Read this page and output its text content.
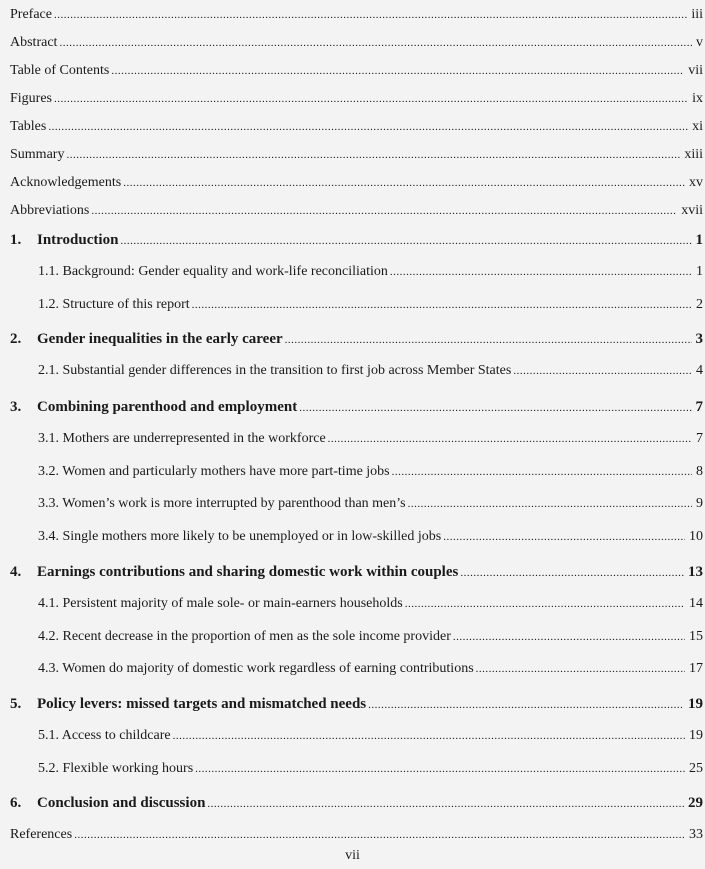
Preface .....	iii
Abstract .....	v
Table of Contents .....	vii
Figures .....	ix
Tables .....	xi
Summary .....	xiii
Acknowledgements .....	xv
Abbreviations .....	xvii
1. Introduction .....	1
1.1. Background: Gender equality and work-life reconciliation .....	1
1.2. Structure of this report .....	2
2. Gender inequalities in the early career .....	3
2.1. Substantial gender differences in the transition to first job across Member States .....	4
3. Combining parenthood and employment .....	7
3.1. Mothers are underrepresented in the workforce .....	7
3.2. Women and particularly mothers have more part-time jobs .....	8
3.3. Women’s work is more interrupted by parenthood than men’s .....	9
3.4. Single mothers more likely to be unemployed or in low-skilled jobs .....	10
4. Earnings contributions and sharing domestic work within couples .....	13
4.1. Persistent majority of male sole- or main-earners households .....	14
4.2. Recent decrease in the proportion of men as the sole income provider .....	15
4.3. Women do majority of domestic work regardless of earning contributions .....	17
5. Policy levers: missed targets and mismatched needs .....	19
5.1. Access to childcare .....	19
5.2. Flexible working hours .....	25
6. Conclusion and discussion .....	29
References .....	33
vii
